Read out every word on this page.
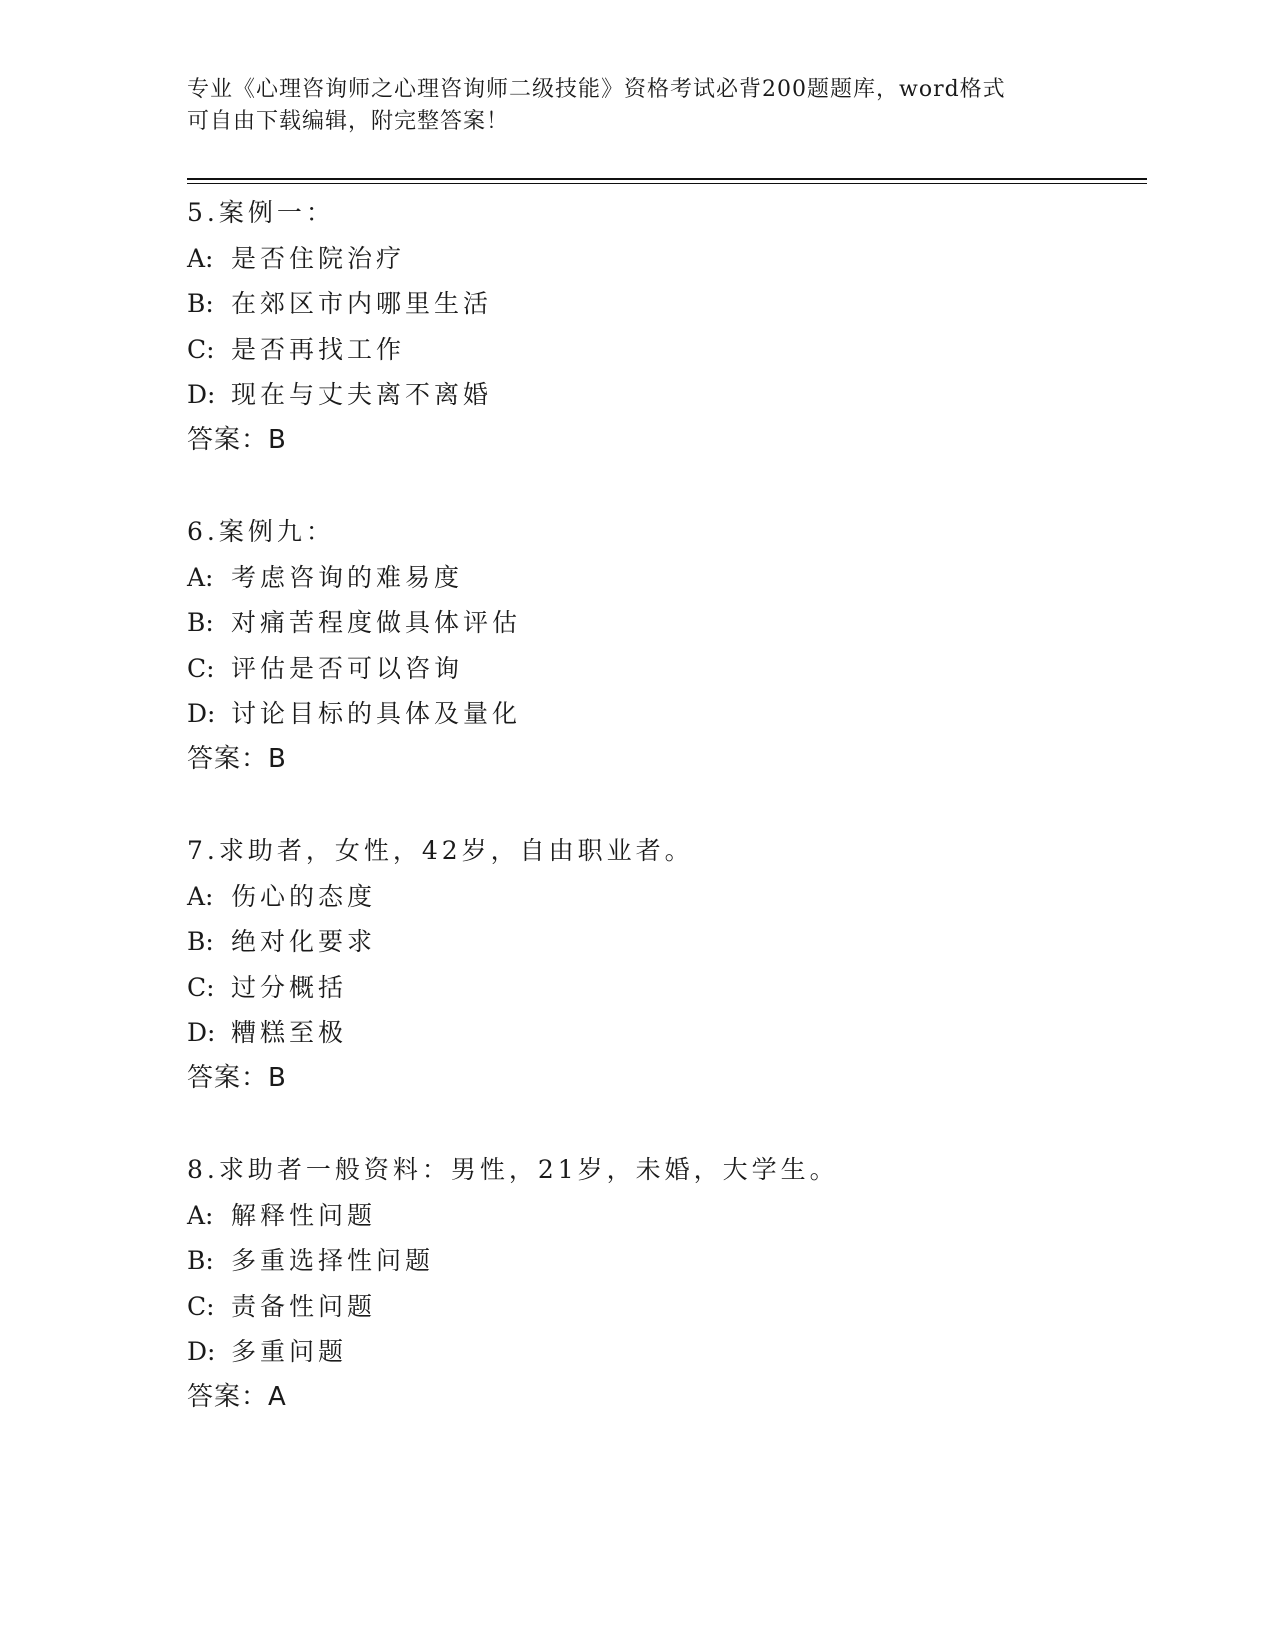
专业《心理咨询师之心理咨询师二级技能》资格考试必背200题题库，word格式
可自由下载编辑，附完整答案！
5.案例一：
A: 是否住院治疗
B: 在郊区市内哪里生活
C: 是否再找工作
D: 现在与丈夫离不离婚
答案：B
6.案例九：
A: 考虑咨询的难易度
B: 对痛苦程度做具体评估
C: 评估是否可以咨询
D: 讨论目标的具体及量化
答案：B
7.求助者，女性，42岁，自由职业者。
A: 伤心的态度
B: 绝对化要求
C: 过分概括
D: 糟糕至极
答案：B
8.求助者一般资料：男性，21岁，未婚，大学生。
A: 解释性问题
B: 多重选择性问题
C: 责备性问题
D: 多重问题
答案：A
